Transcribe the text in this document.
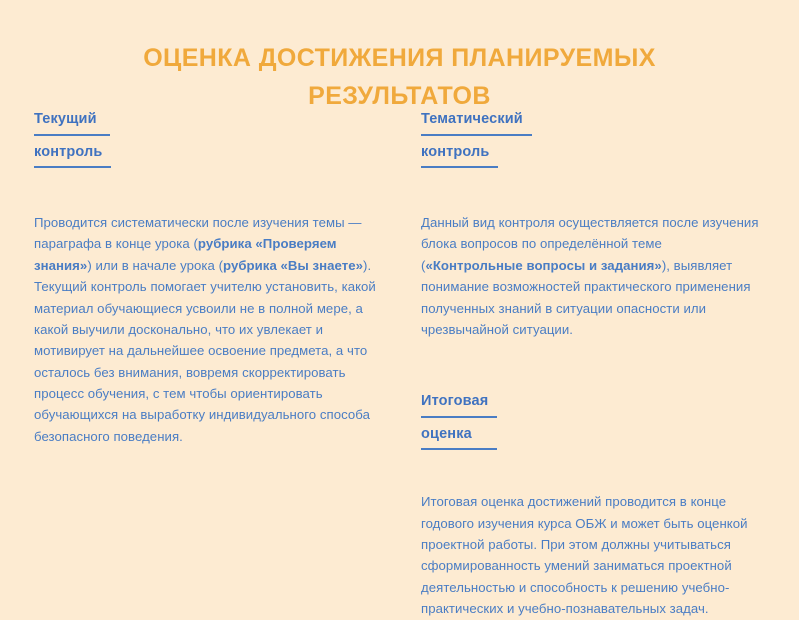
ОЦЕНКА ДОСТИЖЕНИЯ ПЛАНИРУЕМЫХ
РЕЗУЛЬТАТОВ
Текущий
контроль

Проводится систематически после изучения темы — параграфа в конце урока (рубрика «Проверяем знания») или в начале урока (рубрика «Вы знаете»). Текущий контроль помогает учителю установить, какой материал обучающиеся усвоили не в полной мере, а какой выучили досконально, что их увлекает и мотивирует на дальнейшее освоение предмета, а что осталось без внимания, вовремя скорректировать процесс обучения, с тем чтобы ориентировать обучающихся на выработку индивидуального способа безопасного поведения.

Тематический
контроль

Данный вид контроля осуществляется после изучения блока вопросов по определённой теме («Контрольные вопросы и задания»), выявляет понимание возможностей практического применения полученных знаний в ситуации опасности или чрезвычайной ситуации.

Итоговая
оценка

Итоговая оценка достижений проводится в конце годового изучения курса ОБЖ и может быть оценкой проектной работы. При этом должны учитываться сформированность умений заниматься проектной деятельностью и способность к решению учебно-практических и учебно-познавательных задач.
